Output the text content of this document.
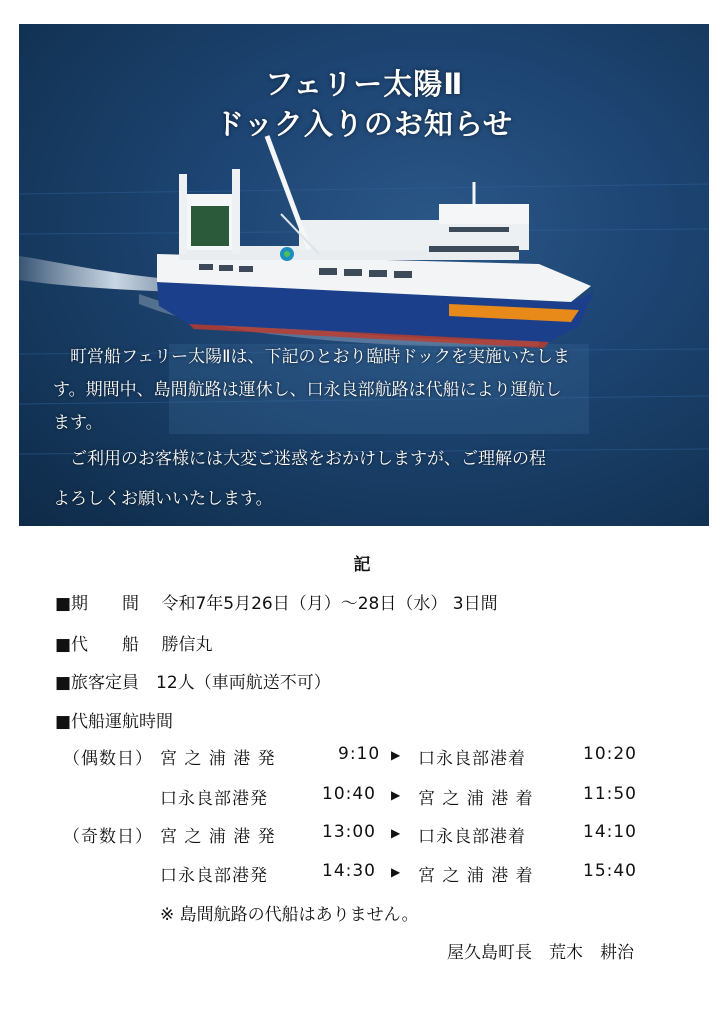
フェリー太陽Ⅱ
ドック入りのお知らせ
　町営船フェリー太陽Ⅱは、下記のとおり臨時ドックを実施いたしま
す。期間中、島間航路は運休し、口永良部航路は代船により運航し
ます。
　ご利用のお客様には大変ご迷惑をおかけしますが、ご理解の程
よろしくお願いいたします。
記
■期　　間　 令和7年5月26日（月）～28日（水） 3日間
■代　　船　 勝信丸
■旅客定員　12人（車両航送不可）
■代船運航時間
（偶数日） 宮 之 浦 港 発	9:10 ▶ 口永良部港着	10:20
口永良部港発	10:40 ▶ 宮 之 浦 港 着	11:50
（奇数日） 宮 之 浦 港 発	13:00 ▶ 口永良部港着	14:10
口永良部港発	14:30 ▶ 宮 之 浦 港 着	15:40
※ 島間航路の代船はありません。
屋久島町長　荒木　耕治
